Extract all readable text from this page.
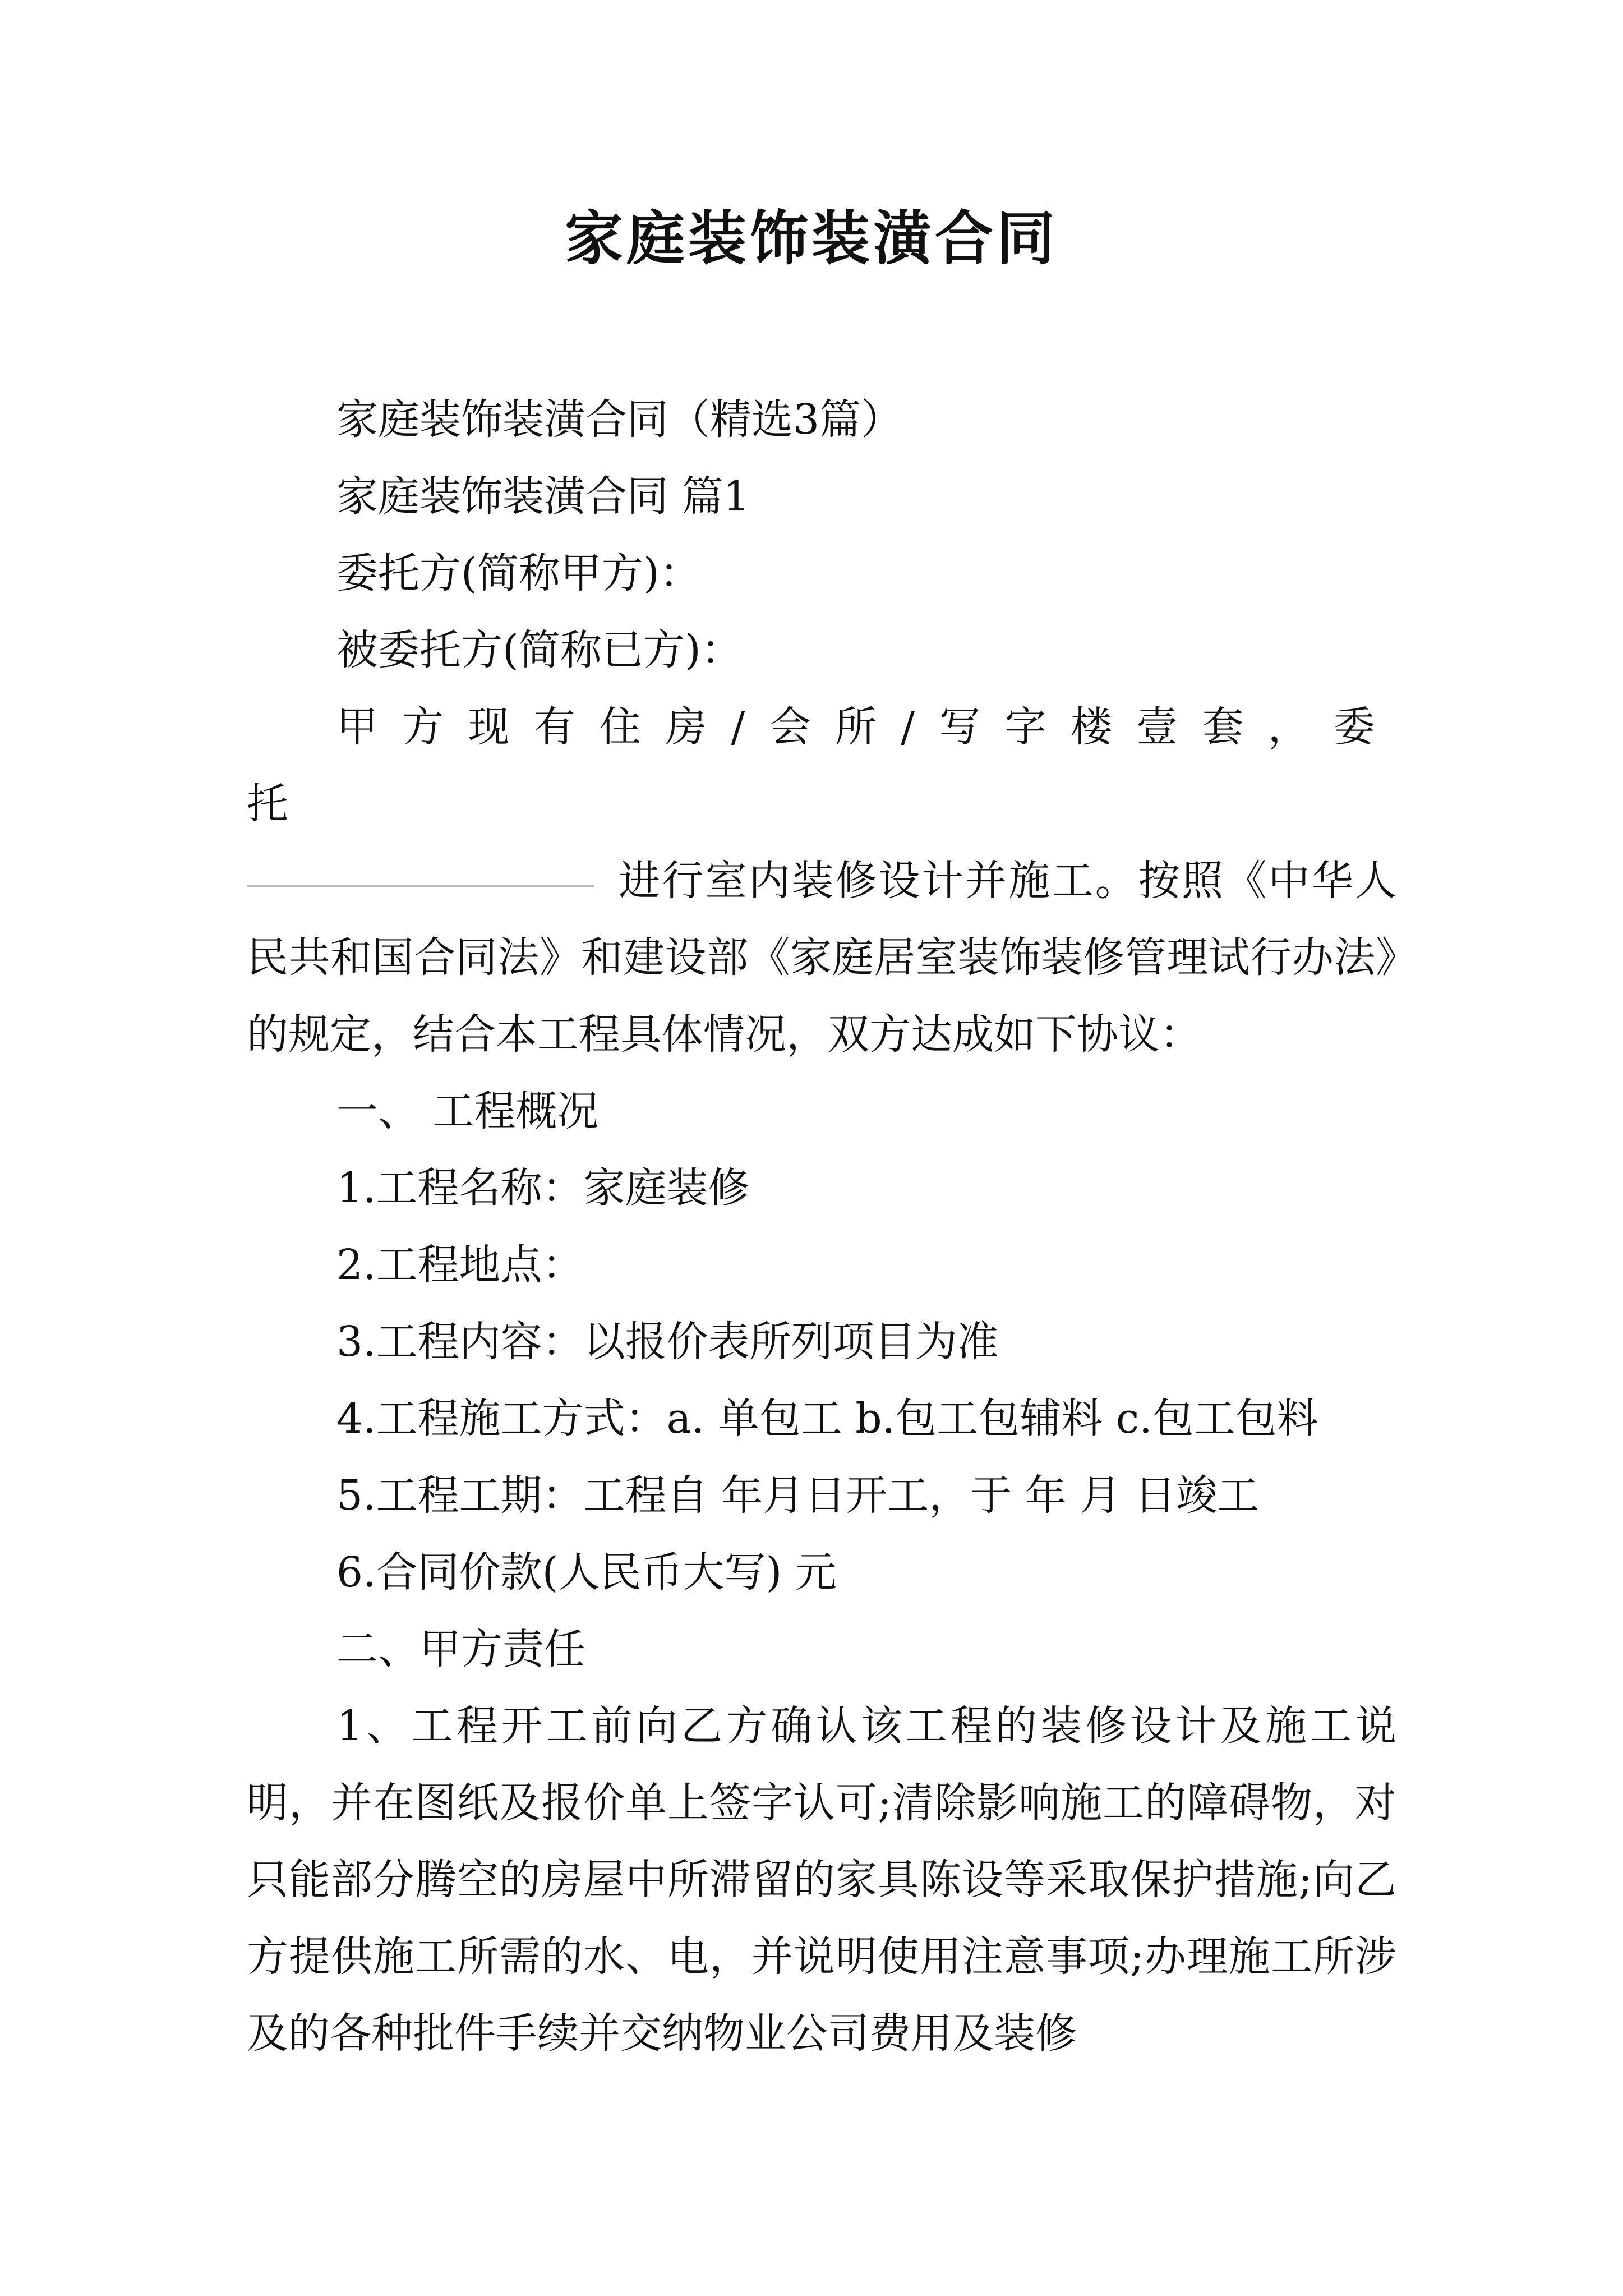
家庭装饰装潢合同

家庭装饰装潢合同（精选3篇）

家庭装饰装潢合同 篇1

委托方(简称甲方)：

被委托方(简称已方)：

甲方现有住房/会所/写字楼壹套，委托

进行室内装修设计并施工。按照《中华人民共和国合同法》和建设部《家庭居室装饰装修管理试行办法》的规定，结合本工程具体情况，双方达成如下协议：

一、 工程概况

1.工程名称：家庭装修

2.工程地点：

3.工程内容：以报价表所列项目为准

4.工程施工方式：a. 单包工 b.包工包辅料 c.包工包料

5.工程工期：工程自 年月日开工，于 年 月 日竣工

6.合同价款(人民币大写) 元

二、甲方责任

1、工程开工前向乙方确认该工程的装修设计及施工说明，并在图纸及报价单上签字认可;清除影响施工的障碍物，对只能部分腾空的房屋中所滞留的家具陈设等采取保护措施;向乙方提供施工所需的水、电，并说明使用注意事项;办理施工所涉及的各种批件手续并交纳物业公司费用及装修
